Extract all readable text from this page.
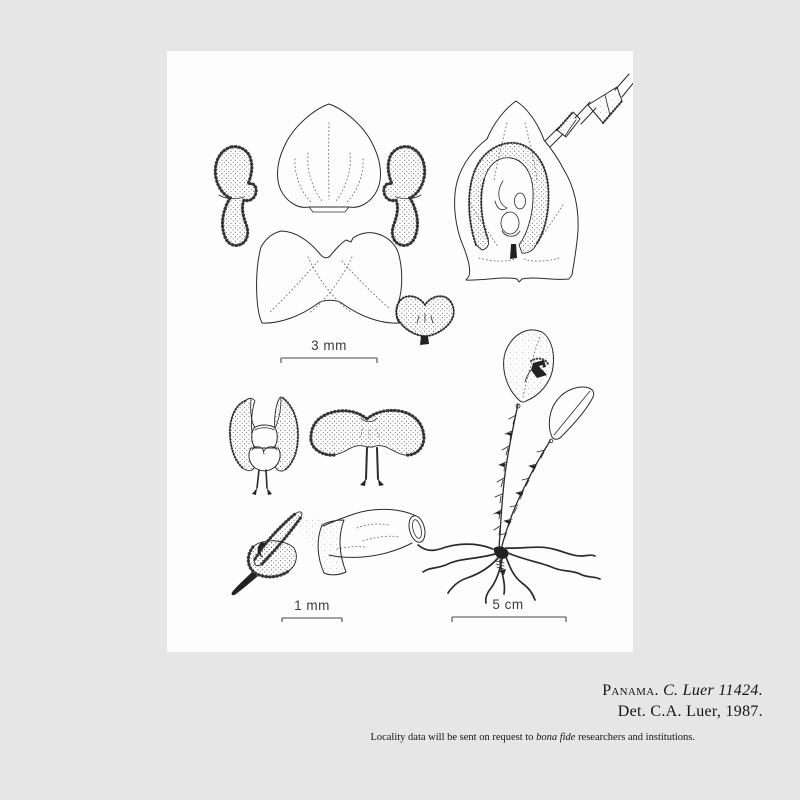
3 mm
1 mm	5 cm
Panama. C. Luer 11424.
Det. C.A. Luer, 1987.
Locality data will be sent on request to bona fide researchers and institutions.
